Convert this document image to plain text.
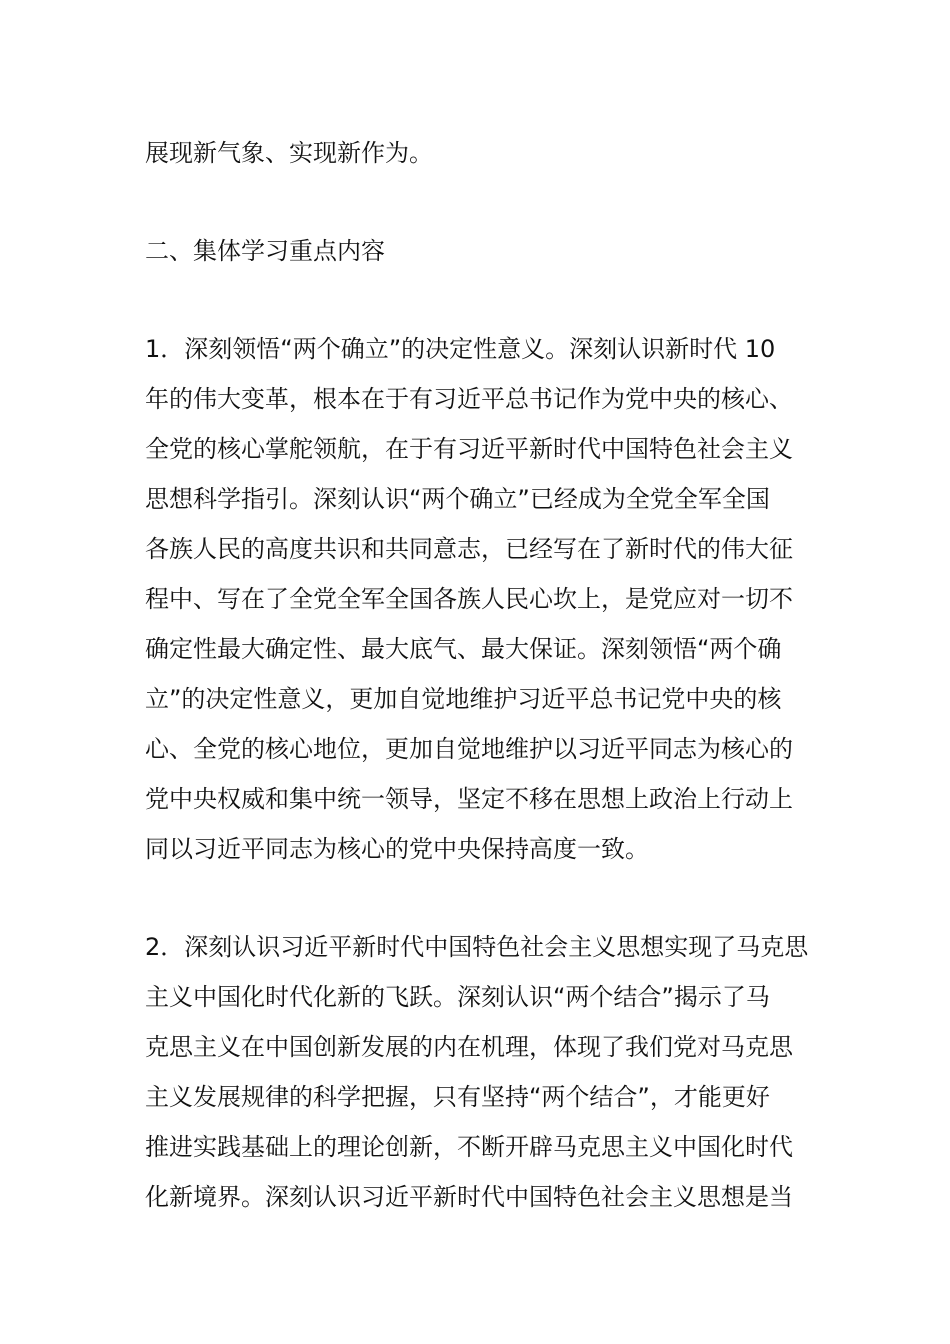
展现新气象、实现新作为。
二、集体学习重点内容
1．深刻领悟“两个确立”的决定性意义。深刻认识新时代 10
年的伟大变革，根本在于有习近平总书记作为党中央的核心、
全党的核心掌舵领航，在于有习近平新时代中国特色社会主义
思想科学指引。深刻认识“两个确立”已经成为全党全军全国
各族人民的高度共识和共同意志，已经写在了新时代的伟大征
程中、写在了全党全军全国各族人民心坎上，是党应对一切不
确定性最大确定性、最大底气、最大保证。深刻领悟“两个确
立”的决定性意义，更加自觉地维护习近平总书记党中央的核
心、全党的核心地位，更加自觉地维护以习近平同志为核心的
党中央权威和集中统一领导，坚定不移在思想上政治上行动上
同以习近平同志为核心的党中央保持高度一致。
2．深刻认识习近平新时代中国特色社会主义思想实现了马克思
主义中国化时代化新的飞跃。深刻认识“两个结合”揭示了马
克思主义在中国创新发展的内在机理，体现了我们党对马克思
主义发展规律的科学把握，只有坚持“两个结合”，才能更好
推进实践基础上的理论创新，不断开辟马克思主义中国化时代
化新境界。深刻认识习近平新时代中国特色社会主义思想是当
